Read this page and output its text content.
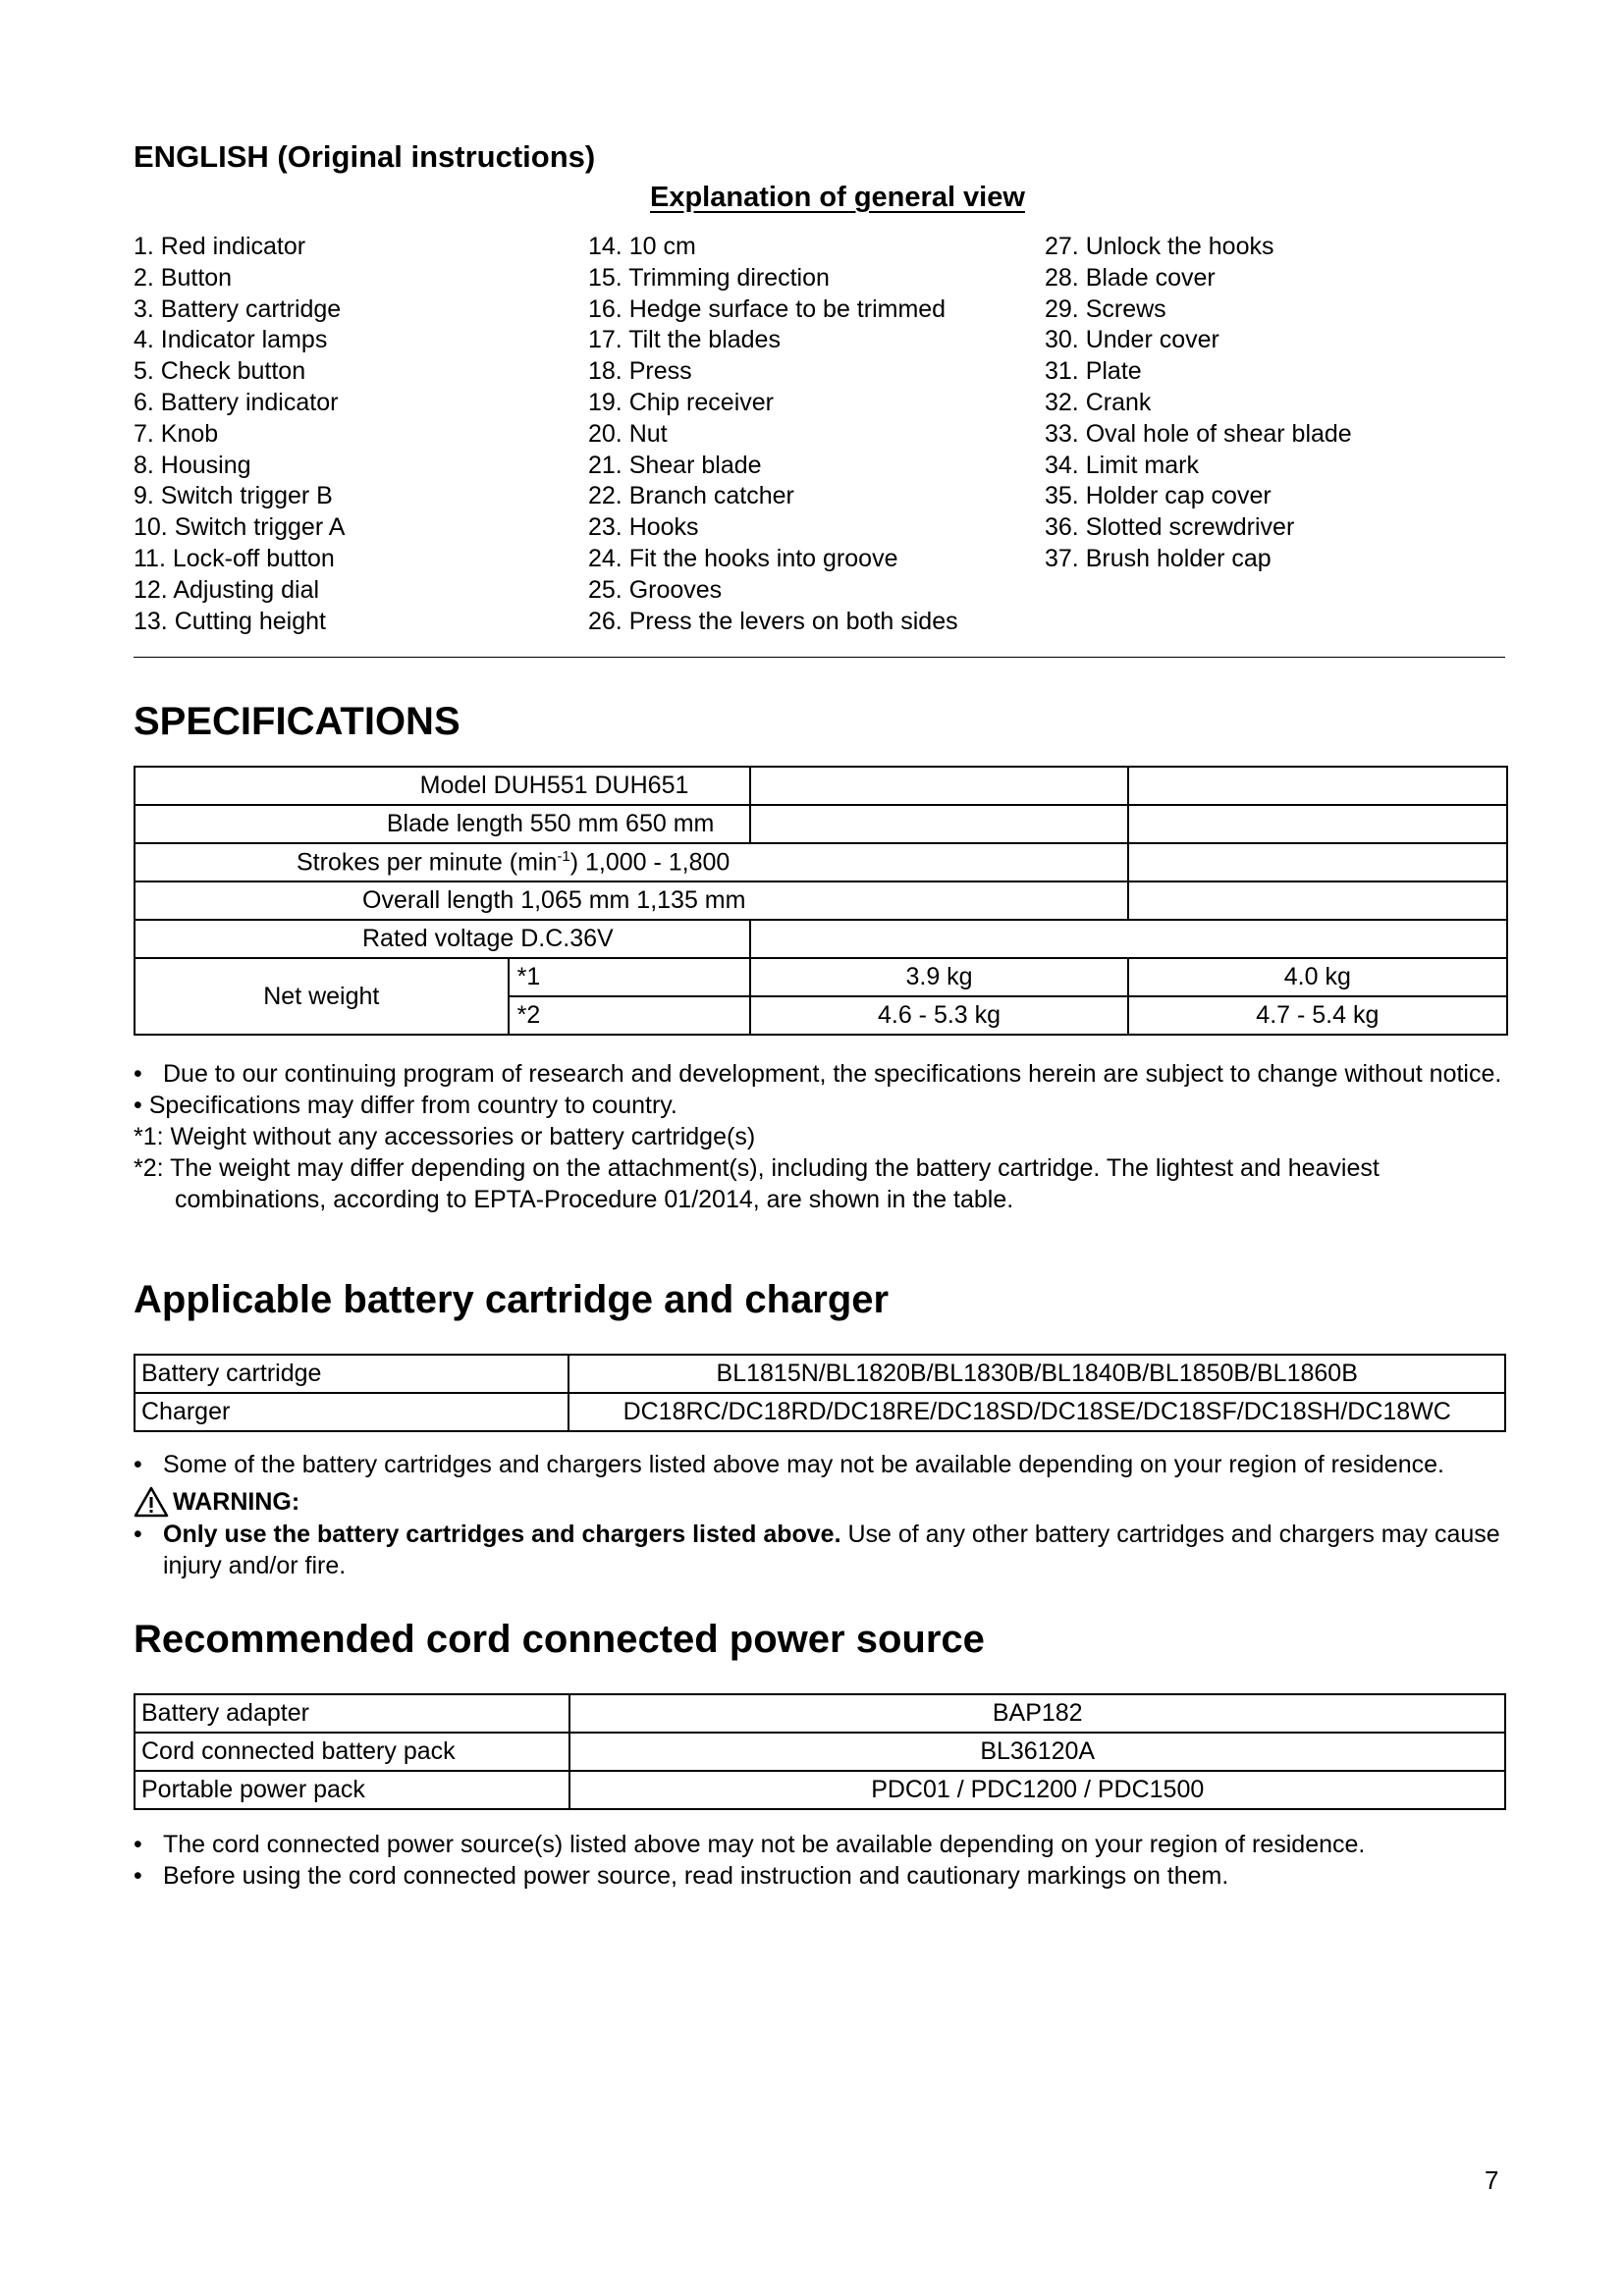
ENGLISH (Original instructions)
Explanation of general view
1. Red indicator
2. Button
3. Battery cartridge
4. Indicator lamps
5. Check button
6. Battery indicator
7. Knob
8. Housing
9. Switch trigger B
10. Switch trigger A
11. Lock-off button
12. Adjusting dial
13. Cutting height
14. 10 cm
15. Trimming direction
16. Hedge surface to be trimmed
17. Tilt the blades
18. Press
19. Chip receiver
20. Nut
21. Shear blade
22. Branch catcher
23. Hooks
24. Fit the hooks into groove
25. Grooves
26. Press the levers on both sides
27. Unlock the hooks
28. Blade cover
29. Screws
30. Under cover
31. Plate
32. Crank
33. Oval hole of shear blade
34. Limit mark
35. Holder cap cover
36. Slotted screwdriver
37. Brush holder cap
SPECIFICATIONS
Model DUH551 DUH651			
Blade length 550 mm 650 mm			
Strokes per minute $(\min^{-1})$ 1,000 - 1,800			
Overall length 1,065 mm 1,135 mm			
Rated voltage D.C.36V			
Net weight	*1	3.9 kg	4.0 kg
	*2	4.6 - 5.3 kg	4.7 - 5.4 kg
• Due to our continuing program of research and development, the specifications herein are subject to change without notice.
• Specifications may differ from country to country.
*1: Weight without any accessories or battery cartridge(s)
*2: The weight may differ depending on the attachment(s), including the battery cartridge. The lightest and heaviest combinations, according to EPTA-Procedure 01/2014, are shown in the table.
Applicable battery cartridge and charger
Battery cartridge	BL1815N/BL1820B/BL1830B/BL1840B/BL1850B/BL1860B
Charger	DC18RC/DC18RD/DC18RE/DC18SD/DC18SE/DC18SF/DC18SH/DC18WC
• Some of the battery cartridges and chargers listed above may not be available depending on your region of residence.
WARNING:
• Only use the battery cartridges and chargers listed above. Use of any other battery cartridges and chargers may cause injury and/or fire.
Recommended cord connected power source
Battery adapter	BAP182
Cord connected battery pack	BL36120A
Portable power pack	PDC01 / PDC1200 / PDC1500
• The cord connected power source(s) listed above may not be available depending on your region of residence.
• Before using the cord connected power source, read instruction and cautionary markings on them.
7
